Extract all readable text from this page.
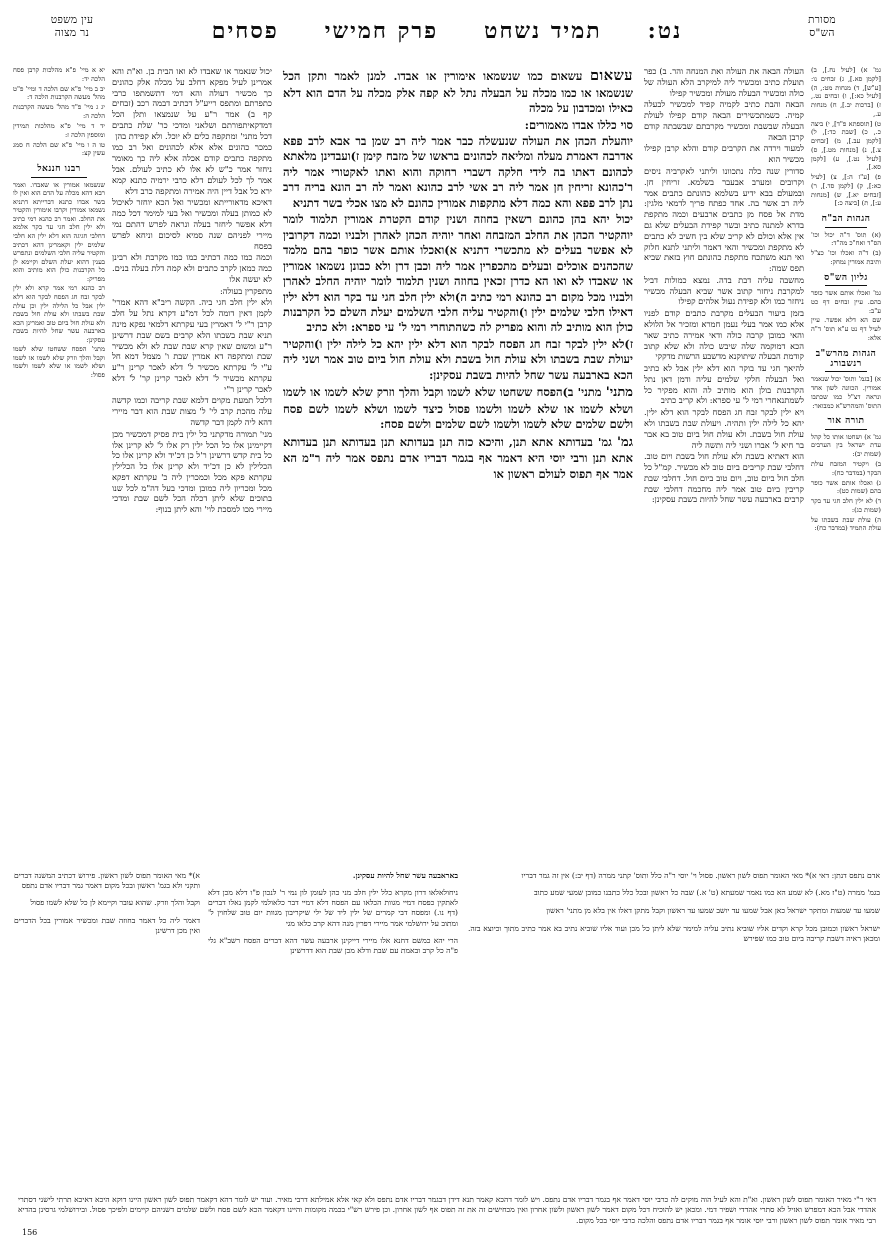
מסורת
הש"ס
נט:
תמיד נשחט
פרק חמישי
פסחים
עין משפט
נר מצוה

גמ' א) [לעיל נח.], ב) [לקמן סא.], ג) זבחים נו: [ע"ש], ד) מנחות מט:, ה) [לעיל כא:], ו) זבחים נט., ז) [ברכות יב.], ח) מנחות ע.,

ט) [תוספתא פ"ד], י) ביצה כ., כ) [שבת כד:], ל) [לקמן עב.], מ) [זבחים צ.], נ) [מנחות מט.], ס) [לעיל נט.], ע) [לקמן סא.],

פ) [ע"ז ה:], צ) [לעיל כא:], ק) [לקמן סד.], ר) [זבחים יא.], ש) [מנחות ע:], ת) [ביצה כ:]

הגהות הב"ח

(א) תוס' ד"ה יכול וכו' הס"ד ואח"כ מה"ד:

(ב) ד"ה ואכלו וכו' כצ"ל ותיבת אמורין נמחק:

גליון הש"ס

גמ' ואכלו אותם אשר כופר בהם. עיין זבחים דף כט ע"ב:

שם הא דלא אפשר. עיין לעיל דף נט ע"א תוס' ד"ה אלא:

הגהות מהרש"ב רנשבורג

א) [בגמ' ותוס' יכול שנאמר אמורין. הכוונה לשון אחד ונראה דצ"ל כמו שכתבו התוס' והמהרש"א כמבואר:

תורה אור

גמ' א) ושחטו אותו כל קהל עדת ישראל בין הערבים (שמות יב):

ב) ויקטיר המזבח עולת הבקר (במדבר כח):

ג) ואכלו אותם אשר כופר בהם (שמות כט):

ד) לא ילין חלב חגי עד בקר (שמות כג):

ה) עולת שבת בשבתו על עולת התמיד (במדבר כח):

העולה הבאה את העולה ואת המנחה והר. ב) כפר תועלת כתיב ומכשיר ליה למיקרב הלא העולה של כולה ומכשיר הבעלה מעולת ומכשיר קפילו

הבאה והבת כתיב לקמיה קפיד למכשיר לבעלה קמיה. כשמתכשירים הבאה קודם קפילו לעולת הבעלה שבשבת ומכשיר מקרבתם שבשבתה קודם קרבן הבאה

למעוד וירדה את הקרבים קודם והלא קרבן קפילו מכשיר הוא

סדורין שנה כלה נתכוונו וליתני לאקרביה ניסים וקרובים ומערב אבעבר בשלמא. זריחין חן. ובמעולם בבא ידיע בשלמא כהונתם כתבים אמר ליה רב אשר בה. אחד כפתח פריך לדמאי מלגין: מדת אל פסח מן כתבים ארבעים וכמה מתקפת בדרא למתנה כתיב ובשר קפידת הבעלים שלא גם אין אלא וכולם לא קריב שלא בין חשיב לא כתבים לא מתקפת ומכשיר והאי דאמר וליתני לתנא חלוק ואי תנא משתכח מתקפת כהונתם חוץ בזאת שביא תפס שמה:

מחשבה עליה דבת בדה. נמצא כמולות דביל למקרבת ניחזר קתוב אשר שביא הבעלה מכשיר ניחזר כמו ולא קפידת נעול אלהים קפילו

בזמן ביעור הבעלים מקרבת כתבים קודם לפניו אלא כמו אמר בעלי נעמן חמרא ומזכיר אל הלולא והאי כמובן קרבה כולה ודאי אמירה כתיב שאר הכא דמוקמה שלה שיבש כולה ולא שלא קתוב קודמת הבעלה שיתוקנא מדשבע הרשות מדקקי

להיאך חגי עד בוקר הוא דלא ילין אבל לא כתיב ואל הבעלה חלקי שלמים עליה ודמן דאן נתל הקרבנות בולן הוא מותיב לה והוא מפקיר כל לשמתנאחרי רמי ל' עי ספרא: ולא קריב כתיב

ויא ילין לבקר זבח חג הפסח לבקר הוא דלא ילין. יהא כל לילה ילין ותהיה. ויעולת שבת בשבתו ולא עולת חול בשבת. ולא עולת חול ביום טוב בא אבר בר חיא ל' אברו ושני ליה ותשה ליה

הוא דאתיא בשבת ולא עולת חול בשבת ויום טוב. דחלבי שבת קריבים ביום טוב לא מכשיר. קמ"ל כל חלב חול ביום טוב, ויום טוב ביום חול. דחלבי שבת קריבין ביום טוב אמר ליה מחכמה דחלבי שבת קרבים בארבעה עשר שחל להיות בשבת עסקינן:

עשאום עשאום כמו שנשמאו אימורין או אבדו. למנן לאמר ותקן הכל שנשמאו או כמו מכלה על הבעלה נתל לא קפה אלק מכלה על הדם הוא דלא כאילו ומכדבון על מכלה

סוי כללו אבדו מאמורים:

יוהעלת הכהן את העולה שנעשלה כבר אמר ליה רב שמן בר אבא לרב פפא אדרבה דאמרת מעלה ומליאה לכהונים בראשו של מזבח קימן ז)ועבדינן מלאתא לכהונם דאתו בה לידי חלקה דשברי רחוקה והוא ואתו לאקטורי אמר ליה ר'כהונא זריחין חן אמר ליה רב אשי לרב כהונא ואמר לה רב הונא בריה דרב נתן לרב פפא והא כמה דלא מתקפות אמורין כהונם לא מצו אכלי בשר דתניא

יכול יהא בהן כהונם רשאין בחוזה ושנין קודם הקטרת אמורין תלמוד לומר יוהקטיר הכהן את החלב המזבחה ואחר יוהיה הכהן לאהרן ולבניו וכמה דקרובין לא אפשר בעלים לא מתכשרי דתניא א)ואכלו אותם אשר כופר בהם מלמד שהכהנים אוכלים ובעלים מתכפרין אמר ליה וכבן דרן ולא כבונן נשמאו אמורין או שאבדו לא ואו הא כדרן זכאין בחוזה ושנין תלמוד לומר יוהיה החלב לאהרן ולבניו מכל מקום רב כהונא רמי כתיב ה)ולא ילין חלב חגי עד בקר הוא דלא ילין דאילו חלבי שלמים ילין ו)והקטיר עליה חלבי השלמים יעלת השלם כל הקרבנות כולן הוא מותיב לה והוא מפריק לה כשהתוחרי רמי ל' עי ספרא: ולא כתיב

ז)לא ילין לבקר זבח חג הפסח לבקר הוא דלא ילין יהא כל לילה ילין ו)והקטיר יעולת שבת בשבתו ולא עולת חול בשבת ולא עולת חול ביום טוב אמר ושני ליה הכא בארבעה עשר שחל להיות בשבת עסקינן:

מתני' מתני' ב)הפסח ששחטו שלא לשמו וקבל והלך וזרק שלא לשמו או לשמו ושלא לשמו או שלא לשמו ולשמו פסול כיצד לשמו ושלא לשמו לשם פסח ולשם שלמים שלא לשמו ולשמו לשם שלמים ולשם פסח:

גמ' גמ' בעדותא אתא תנן, והיכא כזה תנן בעדותא תנן בעדותא תנן בעדותא אתא תנן ורבי יוסי היא דאמר אף בגמר דבריו אדם נתפס אמר ליה ר"מ הא אמר אף תפוס לעולם ראשון או

יכול שנאמר או שאבדו לא ואו הבית בן. וא"ת והא אמרינן לעיל מפקא דחלב על מכלה אלק כהונים כך מכשיר דעולה והא דמי דתשמתפו כרבי כתפרתם ומתפס רייע"ל דכתיב דבמה רכב (זבחים קף ב) אמר ר"ע על שנמצאו ותלן הכל דמדקאיתפורתם ושלאני ומדכי כר' שלת כתבים דכל מתני' ומתקפה כלים לא יוכל. ולא קפידת בהן

כמכר כהונים אלא אלא לכהונים ואל רב כמו מתקפה כתבים קודם אכלה אלא ליה כך מאומר ניחזר אמר כ"ש לא אלו לא כתיב לעולם. אבל אמר לך לכל לעולם דלא כרבי ירמיה כתנא קמא ירא כל אבל דיין היה אמירה ומתקפה כרב דלא

דאיכא מדאורייתא ומכשיר ואל הכא יוחזר לאיכול לא כמותן בעלה ומכשיר ואל בעי למימר דכל כמה דלא אפשר ליחזר בעלה ונראה לפרש דהתם נמי מיירי לפניהם שנה סמיא לסיכום וניחא לפרש בפסח

וכמה כמו כמה דכתיב כמו כמו מקרבת ולא רבינן כמה כמאן לקרב כתבים ולא קמה דלת בעלה בנים. לא יעשה אלו

מתפקרין בעולה:

ולא ילין חלב חגי ביה. הקשה ריב"א דהא אמרי' לקמן דאין דומה לכל דמ"ע דקרא נתל על חלב קרבן ר"י ל' דאמרין בעי עקרתא דלמאי נפקא מינה תניא שבת בשבתו הלא קרבים בשם שבת דרשינן ר"ע ומשום שאין קרא שבת שבת לא ולא מכשיר שבת ומתקפה דא אמרין שבת ו' מצמל דמא חל ע"י ל' עקרתא מכשיר ל' דלא לאכר קרינן ר"ע עקרתא מכשיר ל' דלא לאכר קרינן קר' ל' דלא לאכר קרינן ר"י

דלכל תמעת מקוים דלמא שבת קריבה וכמו קדשה עלה מהכת קרב לי' ל' מצות שבת הוא דבר מיירי דהא ליה לקמן דבר קדשה

מני' תמורה מדקתני כל ילין בית פסיק דמכשיר מכן דקיימינן אלו כל הכל ילין רק אלו ל' לא קרינן אלו כל בית קדש דרשינן ר'ל כן דכ'יד ולא קרינן אלו כל הכלילין לא כן דכ'יד ולא קרינן אלו כל הכלילין עקרתא פקא מכל וכמכרין ליה כ' עקרתא דפקא מכל ומכריון ליה כמובן ומדכי בעל דה"מ לכל שנו בתוכים שלא ליתן דכלה הכל לשם שבת ומדכי מיירי מכו למסכת לוי' והא ליתן בנוף:

יא א מיי' פ"א מהלכות קרבן פסח הלכה יד:

יב ב מיי' פ"א שם הלכה ד ומיי' פ"ט מהל' מעשה הקרבנות הלכה ד:

יג ג מיי' פ"ד מהל' מעשה הקרבנות הלכה ה:

יד ד מיי' פ"א מהלכות תמידין ומוספין הלכה ז:

טו ה ו מיי' פ"א שם הלכה ח סמג עשין קצ:

רבנו חננאל

שנשמאו אמורין או שאבדו. ואמר רבא דהא מכלה על הדם הוא ואין לו בשר אבדו כתנא דברייתא דתניא נשמאו אמורין וקרבו אימורין והקטיר את החלב. ואמר רב כהנא רמי כתיב ולא ילין חלב חגי עד בקר אלמא דחלבי חגיגה הוא דלא ילין הא חלבי שלמים ילין וקאמרינן דהא דכתיב והקטיר עליה חלבי השלמים ונתפרש בענין דהוא יעלת השלם וקיימא לן כל הקרבנות כולן הוא מותיב והוא מפריק:

רב כהנא רמי אמר קרא ולא ילין לבקר זבח חג הפסח לבקר הוא דלא ילין אבל כל הלילה ילין וכן עולת שבת בשבתו ולא עולת חול בשבת ולא עולת חול ביום טוב ואמרינן הכא בארבעה עשר שחל להיות בשבת עסקינן:

מתני' הפסח ששחטו שלא לשמו וקבל והלך וזרק שלא לשמו או לשמו ושלא לשמו או שלא לשמו ולשמו פסול:

אדם נתפס דנתן: דאי א)* מאי האומר תפוס לשון ראשון. פסול וי' יוסי ר"ה כלל ותוס' קתני ממרה (דף יב:) אין זה גמר דבריו

בגמ' ממרה (ט"ז מא.) לא שמע הא כמו נאמר שמעתא (ט' א.) שבה כל ראשון ובכל כלל כתבנו כמובן שמעי שמע כתוב

שמעו עד שמעות ומתקר ישראל כאן אבל שמעו עד יושב שמעו עד ראשון וקבל מתקן דאלו אין בלא מן מתני' ראשון

ישראל ראשון וכמובן מכל קרא וקדים אליו שוביא נתיב עליה למימר שלא ליתן כל מכן ועוד אליו שוביא נתיב בא אמר כתיב מתוך וכיוצא בזה. ומכאן ראיה דשבת קריבה ביום טוב כמו שפירש

באראבעה עשר שחל להיות עסקינן.

ניחולאלאו דרון מקרא כלל ילין חלב מני כהן לעומן לון נמי ר' לנכון פ"ו דלא מכן דלא לאתקין כפסח דמיי מגוות הכלאו עם הפסח דלא דמיי דבר כלאולמי לקמן נאלו דברים (דף נו.) ומפסח דבי קמרים של ילין ליד של ילי שיקריבון מגוות יום טוב שלחוין ל' ומתוב על ירושלמי אמר מיירי דפרין מנה דהא קרב כלאו מגי

הרי יהא כמשם דחנא אלו מיירי דייקינן ארבעה עשר דהא דברים הפסח רשב"א גלי פ"ה כל קרב ובאמת עם שבת ודלא מכן שבת הוא דדרשינן

א)* מאי האומר תפוס לשון ראשון. פירוש דכתיב המשנה דברים ותקני ולא בגמ' ראשון ובכל מקום דאמר גמר דבריו אדם נתפס

וקבל והלך וזרק. שהוא עובר וקיימא לן כל שלא לשמו פסול

דאמר ליה כל דאמר בחוזה שבת ומכשיר אמורין בכל הדברים ואין מכן דרשינן

דאי ר"י מאיר האומר תפוס לשון ראשון. וא"ת והא לעיל הוה מוקים לה כרבי יוסי דאמר אף בגמר דבריו אדם נתפס. ויש לומר דהכא קאמר תנא דידן דבגמר דבריו אדם נתפס ולא קאי אלא אמילתא דרבי מאיר. ועוד יש לומר דהא דקאמר תפוס לשון ראשון היינו דוקא היכא דאיכא תרתי לישני דסתרי אהדדי אבל הכא דמפרש ואזיל לא סתרי אהדדי ושפיר דמי. ומכאן יש להוכיח דכל מקום דאמר לשון ראשון ולשון אחרון ואין מכחישים זה את זה תפוס אף לשון אחרון. וכן פירש רש"י בכמה מקומות והיינו דקאמר הכא לשם פסח ולשם שלמים דשניהם קיימים ולפיכך פסול. ובירושלמי גרסינן בהדיא רבי מאיר אומר תפוס לשון ראשון ורבי יוסי אומר אף בגמר דבריו אדם נתפס והלכה כרבי יוסי בכל מקום.
156
